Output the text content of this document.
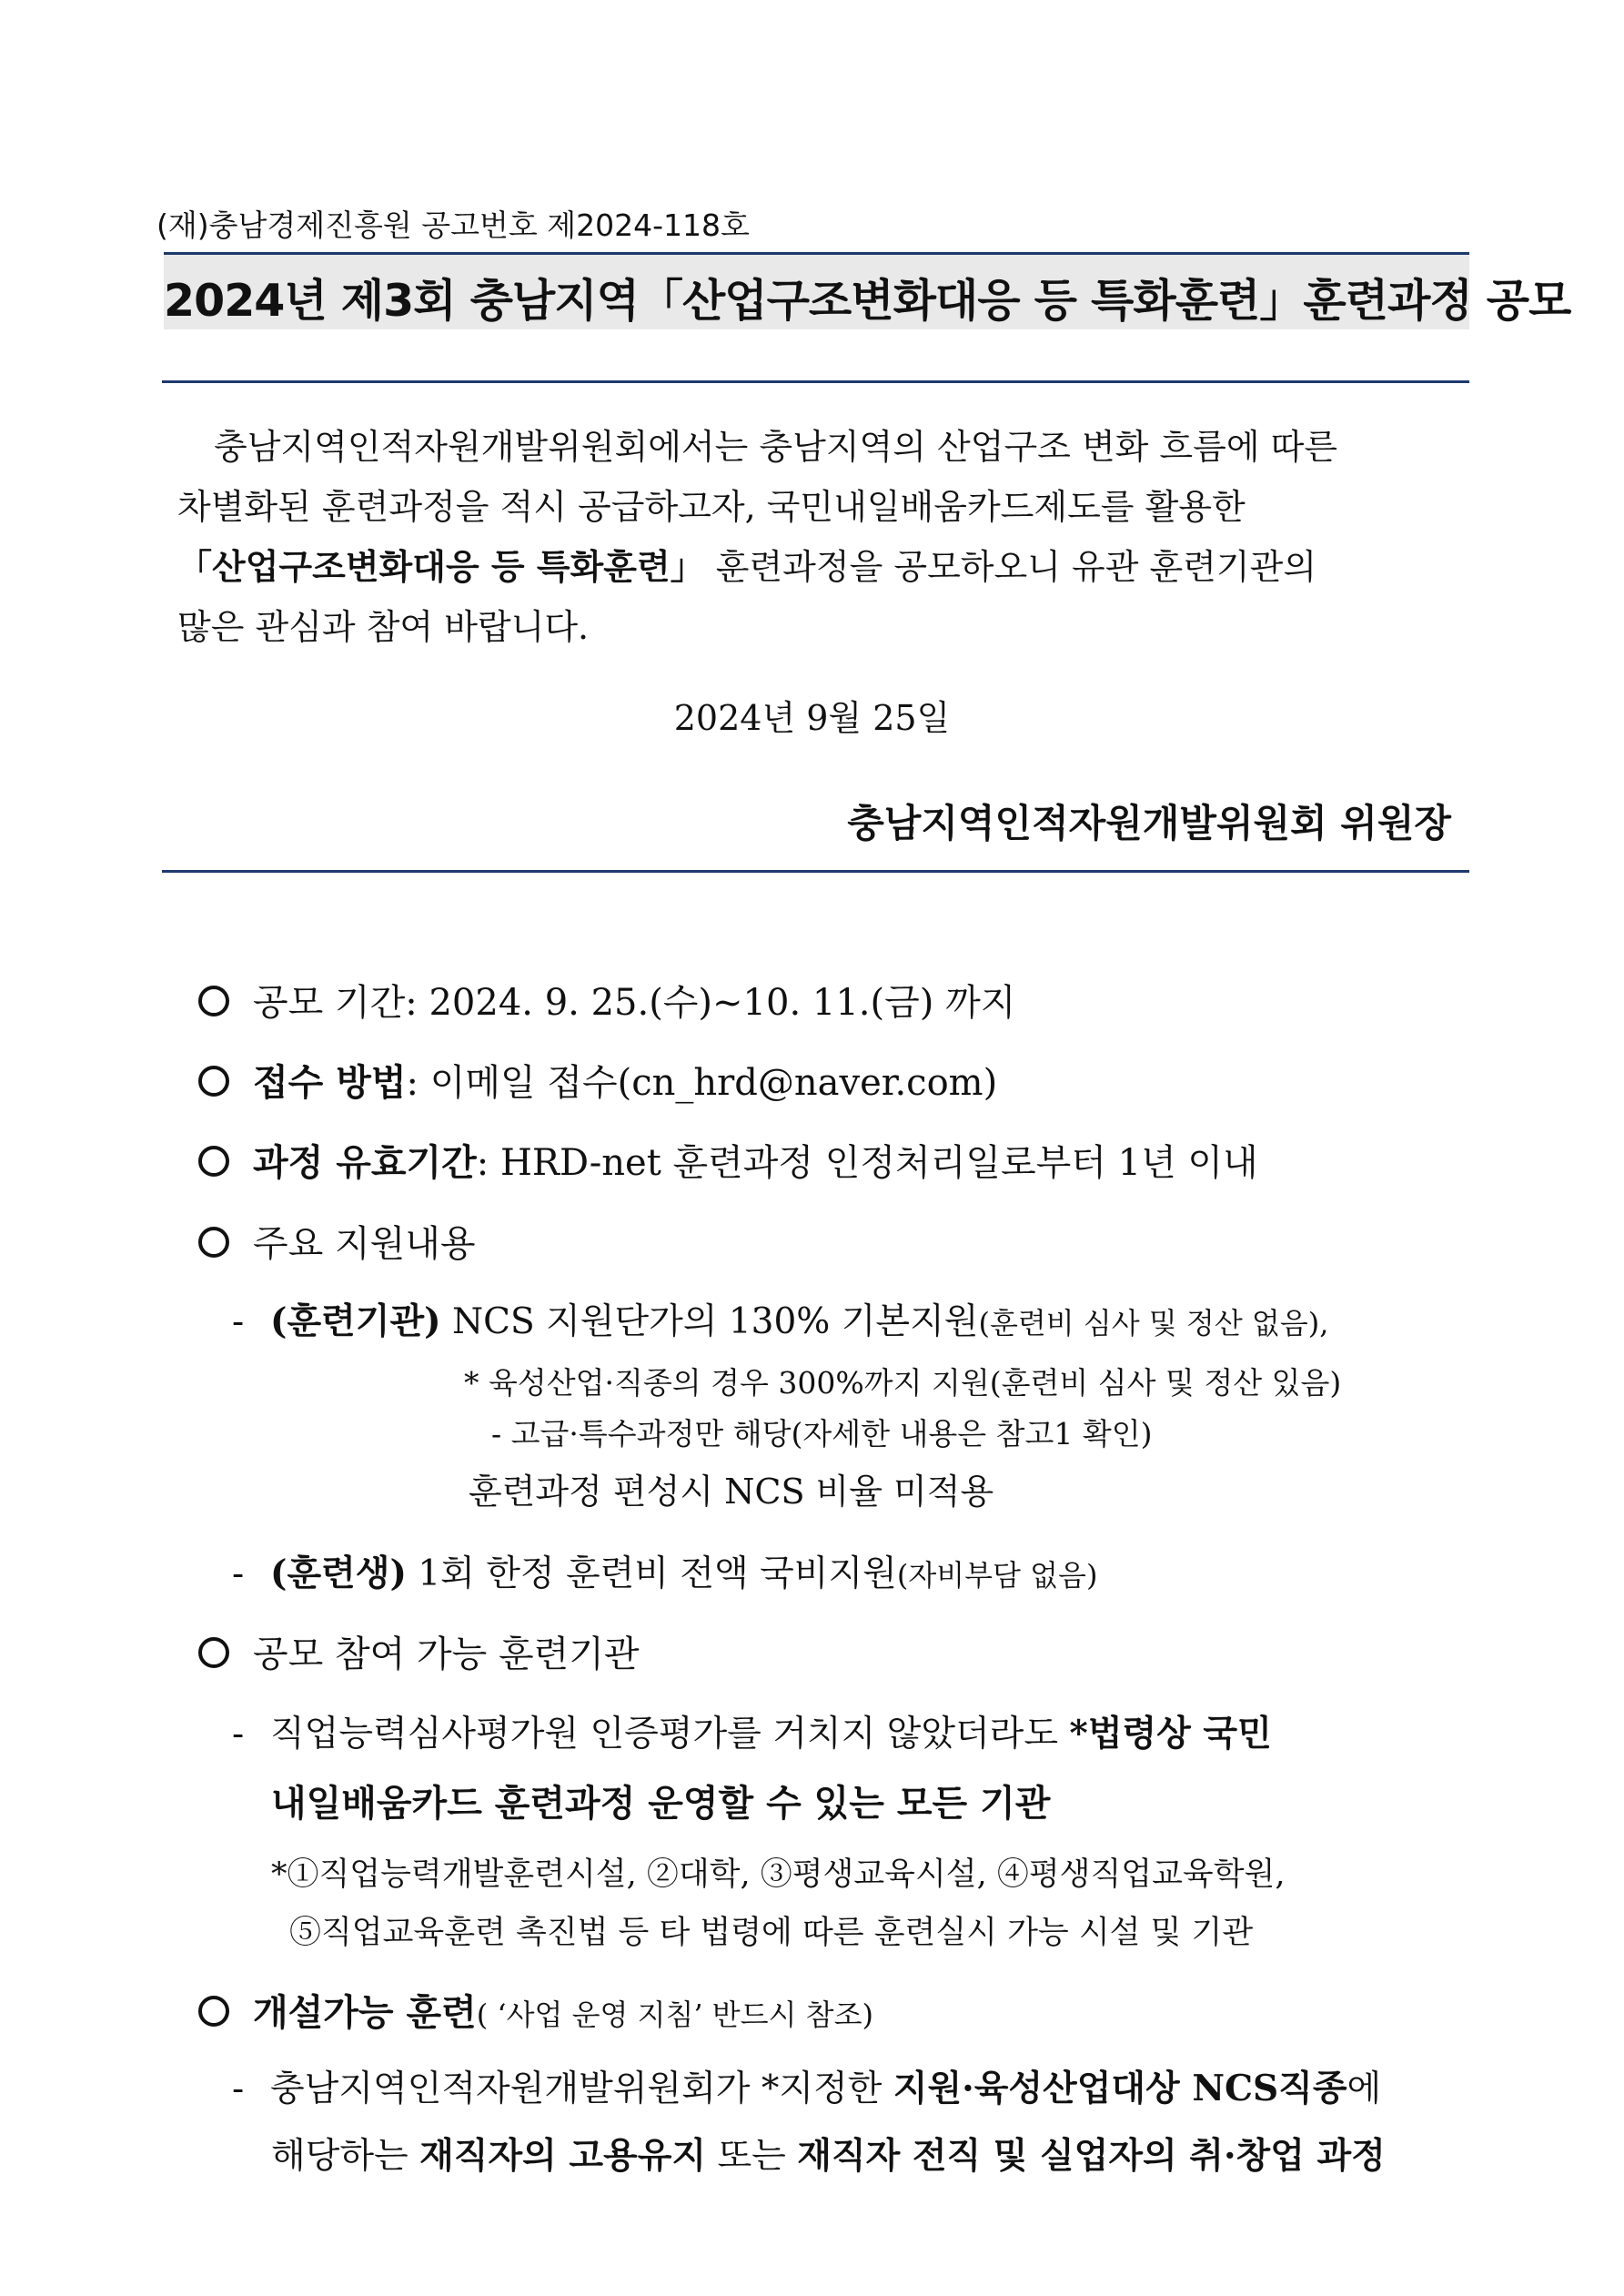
(재)충남경제진흥원 공고번호 제2024-118호
2024년 제3회 충남지역「산업구조변화대응 등 특화훈련」훈련과정 공모

충남지역인적자원개발위원회에서는 충남지역의 산업구조 변화 흐름에 따른

차별화된 훈련과정을 적시 공급하고자, 국민내일배움카드제도를 활용한

「산업구조변화대응 등 특화훈련」 훈련과정을 공모하오니 유관 훈련기관의

많은 관심과 참여 바랍니다.

2024년 9월 25일
충남지역인적자원개발위원회 위원장
공모 기간: 2024. 9. 25.(수)~10. 11.(금) 까지
접수 방법: 이메일 접수(cn_hrd@naver.com)
과정 유효기간: HRD-net 훈련과정 인정처리일로부터 1년 이내
주요 지원내용
- (훈련기관) NCS 지원단가의 130% 기본지원(훈련비 심사 및 정산 없음),
* 육성산업·직종의 경우 300%까지 지원(훈련비 심사 및 정산 있음)
- 고급·특수과정만 해당(자세한 내용은 참고1 확인)
훈련과정 편성시 NCS 비율 미적용
- (훈련생) 1회 한정 훈련비 전액 국비지원(자비부담 없음)
공모 참여 가능 훈련기관
- 직업능력심사평가원 인증평가를 거치지 않았더라도 *법령상 국민
내일배움카드 훈련과정 운영할 수 있는 모든 기관
*①직업능력개발훈련시설, ②대학, ③평생교육시설, ④평생직업교육학원,
⑤직업교육훈련 촉진법 등 타 법령에 따른 훈련실시 가능 시설 및 기관
개설가능 훈련( ‘사업 운영 지침’ 반드시 참조)
- 충남지역인적자원개발위원회가 *지정한 지원·육성산업대상 NCS직종에
해당하는 재직자의 고용유지 또는 재직자 전직 및 실업자의 취·창업 과정
